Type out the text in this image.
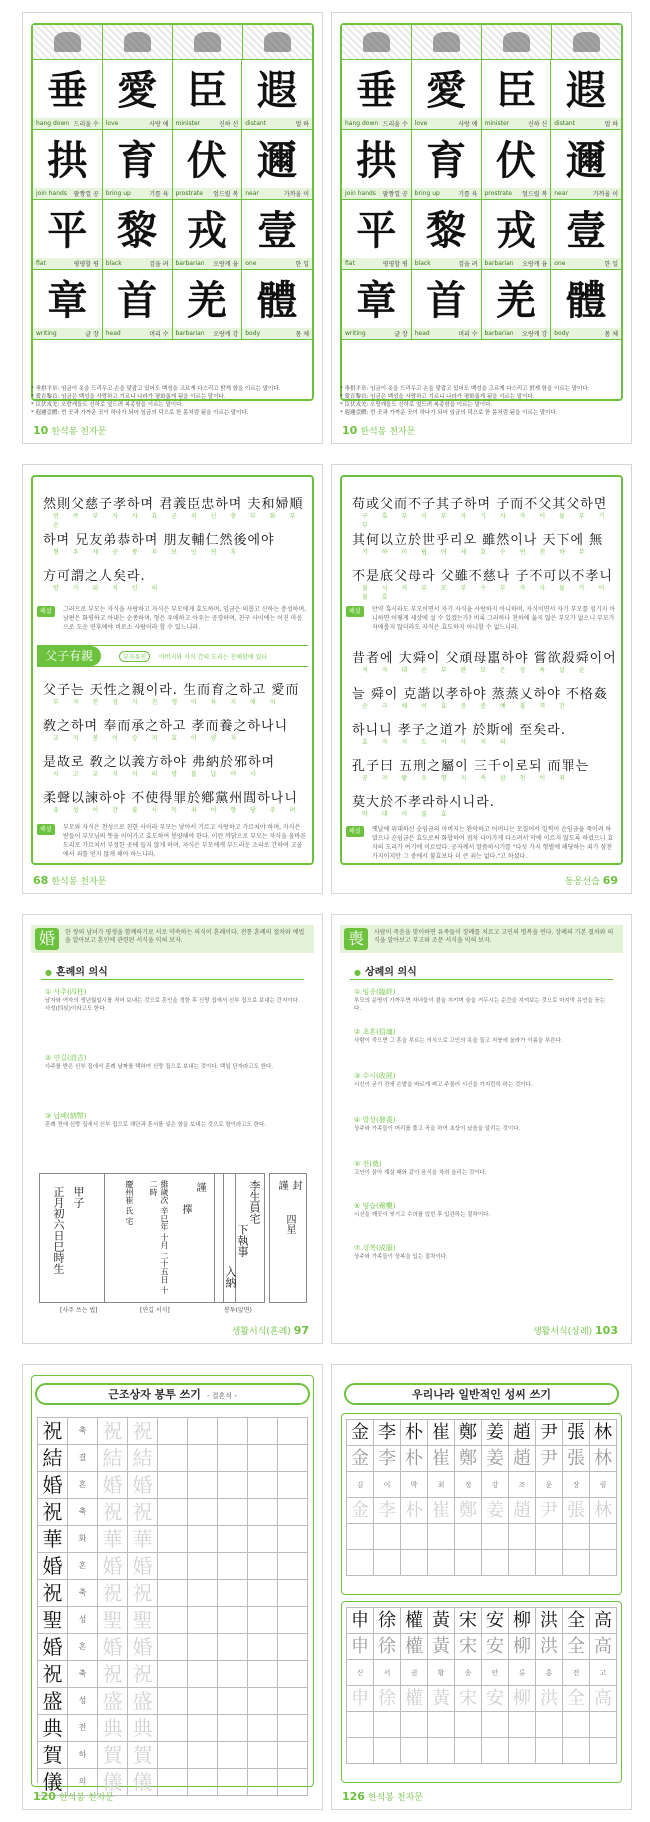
垂
hang down 드리울 수
愛
love	사랑 애
臣
minister	신하 신
遐
distant	멀 하
拱
join hands 팔짱낄 공
育
bring up	기를 육
伏
prostrate 엎드릴 복
邇
near	가까울 이
平
flat	평평할 평
黎
black	검을 려
戎
barbarian 오랑캐 융
壹
one	한 일
章
writing	글 장
首
head	머리 수
羌
barbarian 오랑캐 강
體
body	몸 체
* 垂拱平章: 임금이 옷을 드리우고 손을 맞잡고 있어도 백성을 고르게 다스리고 밝게 함을 이르는 말이다.
* 愛育黎首: 임금은 백성을 사랑하고 기르니 나라가 평화롭게 됨을 이르는 말이다.
* 臣伏戎羌: 오랑캐들도 신하로 엎드려 복종함을 이르는 말이다.
* 遐邇壹體: 먼 곳과 가까운 곳이 하나가 되어 임금의 덕으로 한 몸처럼 됨을 이르는 말이다.
10 한석봉 천자문
垂
hang down 드리울 수
愛
love	사랑 애
臣
minister	신하 신
遐
distant	멀 하
拱
join hands 팔짱낄 공
育
bring up	기를 육
伏
prostrate 엎드릴 복
邇
near	가까울 이
平
flat	평평할 평
黎
black	검을 려
戎
barbarian 오랑캐 융
壹
one	한 일
章
writing	글 장
首
head	머리 수
羌
barbarian 오랑캐 강
體
body	몸 체
* 垂拱平章: 임금이 옷을 드리우고 손을 맞잡고 있어도 백성을 고르게 다스리고 밝게 함을 이르는 말이다.
* 愛育黎首: 임금은 백성을 사랑하고 기르니 나라가 평화롭게 됨을 이르는 말이다.
* 臣伏戎羌: 오랑캐들도 신하로 엎드려 복종함을 이르는 말이다.
* 遐邇壹體: 먼 곳과 가까운 곳이 하나가 되어 임금의 덕으로 한 몸처럼 됨을 이르는 말이다.
10 한석봉 천자문
然則父慈子孝하며 君義臣忠하며 夫和婦順
연 즉 부 자 자 효 군 의 신 충 부 화 부 순
하며 兄友弟恭하며 朋友輔仁然後에야
형 우 제 공 붕 우 보 인 연 후
方可謂之人矣라.
방 가 위 지 인 의
해설	그러므로 부모는 자식을 사랑하고 자식은 부모에게 효도하며, 임금은 의롭고 신하는 충성하며, 남편은 화평하고 아내는 순종하며, 형은 우애하고 아우는 공경하며, 친구 사이에는 어진 마음으로 도운 연후에야 비로소 사람이라 할 수 있느니라.
父子有親	부자유친	아버지와 자식 간의 도리는 친해함에 있다
父子는 天性之親이라. 生而育之하고 愛而
부 자 천 성 지 친 생 이 육 지 애 이
敎之하며 奉而承之하고 孝而養之하나니
교 지 봉 이 승 지 효 이 양 지
是故로 敎之以義方하야 弗納於邪하며
시 고 교 지 이 의 방 불 납 어 사
柔聲以諫하야 不使得罪於鄕黨州閭하나니
유 성 이 간 불 사 득 죄 어 향 당 주 려
해설	부모와 자식은 천성으로 친한 사이라 부모는 낳아서 기르고 사랑하고 가르쳐야 하며, 자식은 받들어 부모님의 뜻을 이어가고 효도하여 봉양해야 한다. 이런 까닭으로 부모는 자식을 올바른 도리로 가르쳐서 부정한 곳에 들지 않게 하며, 자식은 부모에게 부드러운 소리로 간하여 고을에서 죄를 얻지 않게 해야 하느니라.
68 한석봉 천자문
苟或父而不子其子하며 子而不父其父하면
구 혹 부 이 부 자 기 자 자 이 불 부 기 부
其何以立於世乎리오 雖然이나 天下에 無
기 하 이 립 어 세 호 수 연 천 하 무
不是底父母라 父雖不慈나 子不可以不孝니
불 시 저 부 모 부 수 부 자 자 불 가 이 불 효
해설	만약 혹시라도 부모이면서 자기 자식을 사랑하지 아니하며, 자식이면서 자기 부모를 섬기지 아니하면 어떻게 세상에 설 수 있겠는가? 비록 그러하나 천하에 옳지 않은 부모가 없으니 부모가 자애롭지 않더라도 자식은 효도하지 아니할 수 없느니라.
昔者에 大舜이 父頑母嚚하야 嘗欲殺舜이어
석 자 대 순 부 완 모 은 상 욕 살 순
늘 舜이 克諧以孝하야 蒸蒸乂하야 不格姦
순 극 해 이 효 증 증 예 불 격 간
하니니 孝子之道가 於斯에 至矣라.
효 자 지 도 어 사 지 의
孔子曰 五刑之屬이 三千이로되 而罪는
공 자 왈 오 형 지 속 삼 천 이 죄
莫大於不孝라하시니라.
막 대 어 불 효
해설	옛날에 위대하신 순임금의 아버지는 완악하고 어머니는 모질어서 일찍이 순임금을 죽이려 하였으나 순임금은 효도로써 화합하여 점차 나아가게 다스려서 악에 이르지 않도록 하였으니 효자의 도리가 여기에 이르렀다. 공자께서 말씀하시기를 "다섯 가지 형벌에 해당하는 죄가 삼천 가지이지만 그 중에서 불효보다 더 큰 죄는 없다."고 하셨다.
동몽선습 69
婚	한 쌍의 남녀가 평생을 함께하기로 서로 약속하는 의식이 혼례이다. 전통 혼례의 절차와 예법을 알아보고 혼인에 관련된 서식을 익혀 보자.
● 혼례의 의식
① 사주(四柱)
남자와 여자의 생년월일시를 적어 보내는 것으로 혼인을 정한 후 신랑 집에서 신부 집으로 보내는 간지이다. 사성(四星)이라고도 한다.
② 연길(涓吉)
사주를 받은 신부 집에서 혼례 날짜를 택하여 신랑 집으로 보내는 것이다. 택일 단자라고도 한다.
③ 납폐(納幣)
혼례 전에 신랑 집에서 신부 집으로 채단과 혼서를 넣은 함을 보내는 것으로 함이라고도 한다.
甲子
正月初六日巳時生	謹
擇
維歲次 辛巳年 十月 二十五日 十二時
慶州崔 氏 宅
[사주 쓰는 법]	[연길 서식]
李生員宅
下執事
入納
봉투(앞면)
謹 封
四星
생활서식(혼례) 97
喪	사람이 죽음을 맞이하면 유족들이 장례를 치르고 고인의 명복을 빈다. 상례의 기본 절차와 의식을 알아보고 부고와 조문 서식을 익혀 보자.
● 상례의 의식
① 임종(臨終)
부모의 운명이 가까우면 자녀들이 곁을 지키며 숨을 거두시는 순간을 지켜보는 것으로 마지막 유언을 듣는다.
② 초혼(招魂)
사람이 죽으면 그 혼을 부르는 의식으로 고인의 옷을 들고 지붕에 올라가 이름을 부른다.
③ 수시(收屍)
시신이 굳기 전에 손발을 바르게 펴고 주물러 시신을 가지런히 하는 것이다.
④ 발상(發喪)
상주와 가족들이 머리를 풀고 곡을 하여 초상이 났음을 알리는 것이다.
⑤ 전(奠)
고인이 살아 계실 때와 같이 음식을 차려 올리는 것이다.
⑥ 염습(殮襲)
시신을 깨끗이 씻기고 수의를 입힌 후 입관하는 절차이다.
⑦ 성복(成服)
상주와 가족들이 상복을 입는 절차이다.
생활서식(상례) 103
근조상자 봉투 쓰기 - 결혼식 -
祝	축 祝 祝
結	결 結 結
婚	혼 婚 婚
祝	축 祝 祝
華	화 華 華
婚	혼 婚 婚
祝	축 祝 祝
聖	성 聖 聖
婚	혼 婚 婚
祝	축 祝 祝
盛	성 盛 盛
典	전 典 典
賀	하 賀 賀
儀	의 儀 儀
120 한석봉 천자문
우리나라 일반적인 성씨 쓰기
金 李 朴 崔 鄭 姜 趙 尹 張 林
金 李 朴 崔 鄭 姜 趙 尹 張 林
김	이	박	최	정	강	조	윤	장	림
金 李 朴 崔 鄭 姜 趙 尹 張 林
申 徐 權 黃 宋 安 柳 洪 全 高
申 徐 權 黃 宋 安 柳 洪 全 高
신	서	권	황	송	안	류	홍	전	고
申 徐 權 黃 宋 安 柳 洪 全 高
126 한석봉 천자문
